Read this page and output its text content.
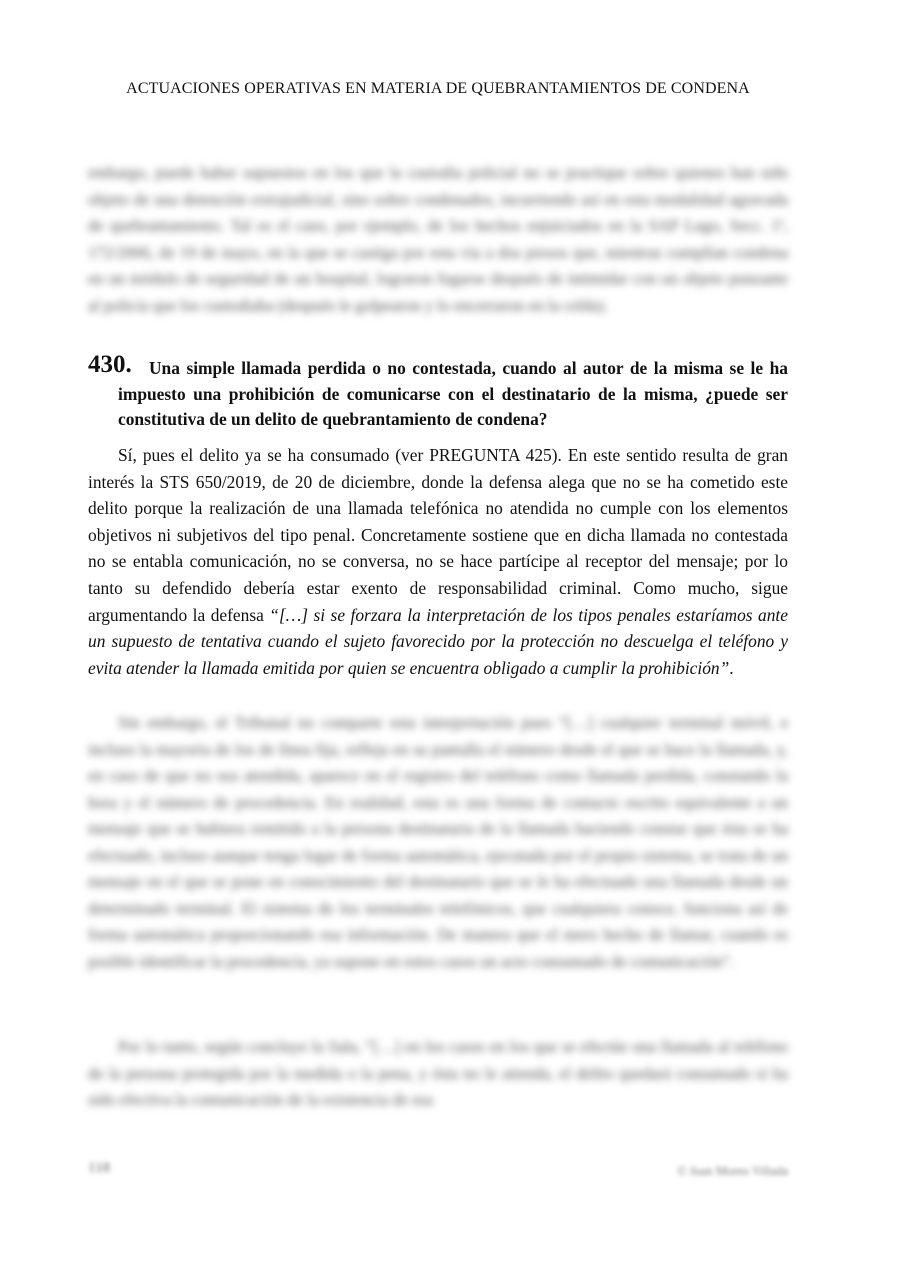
ACTUACIONES OPERATIVAS EN MATERIA DE QUEBRANTAMIENTOS DE CONDENA

embargo, puede haber supuestos en los que la custodia policial no se practique sobre quienes han sido objeto de una detención extrajudicial, sino sobre condenados, incurriendo así en esta modalidad agravada de quebrantamiento. Tal es el caso, por ejemplo, de los hechos enjuiciados en la SAP Lugo, Secc. 1ª, 172/2006, de 19 de mayo, en la que se castiga por esta vía a dos presos que, mientras cumplían condena en un módulo de seguridad de un hospital, lograron fugarse después de intimidar con un objeto punzante al policía que los custodiaba (después le golpearon y lo encerraron en la celda).

430. Una simple llamada perdida o no contestada, cuando al autor de la misma se le ha impuesto una prohibición de comunicarse con el destinatario de la misma, ¿puede ser constitutiva de un delito de quebrantamiento de condena?

Sí, pues el delito ya se ha consumado (ver PREGUNTA 425). En este sentido resulta de gran interés la STS 650/2019, de 20 de diciembre, donde la defensa alega que no se ha cometido este delito porque la realización de una llamada telefónica no atendida no cumple con los elementos objetivos ni subjetivos del tipo penal. Concretamente sostiene que en dicha llamada no contestada no se entabla comunicación, no se conversa, no se hace partícipe al receptor del mensaje; por lo tanto su defendido debería estar exento de responsabilidad criminal. Como mucho, sigue argumentando la defensa “[…] si se forzara la interpretación de los tipos penales estaríamos ante un supuesto de tentativa cuando el sujeto favorecido por la protección no descuelga el teléfono y evita atender la llamada emitida por quien se encuentra obligado a cumplir la prohibición”.

Sin embargo, el Tribunal no comparte esta interpretación pues “[…] cualquier terminal móvil, e incluso la mayoría de los de línea fija, refleja en su pantalla el número desde el que se hace la llamada, y, en caso de que no sea atendida, aparece en el registro del teléfono como llamada perdida, constando la hora y el número de procedencia. En realidad, esta es una forma de contacto escrito equivalente a un mensaje que se hubiera remitido a la persona destinataria de la llamada haciendo constar que ésta se ha efectuado, incluso aunque tenga lugar de forma automática, ejecutada por el propio sistema, se trata de un mensaje en el que se pone en conocimiento del destinatario que se le ha efectuado una llamada desde un determinado terminal. El sistema de los terminales telefónicos, que cualquiera conoce, funciona así de forma automática proporcionando esa información. De manera que el mero hecho de llamar, cuando es posible identificar la procedencia, ya supone en estos casos un acto consumado de comunicación”.

Por lo tanto, según concluye la Sala, “[…] en los casos en los que se efectúe una llamada al teléfono de la persona protegida por la medida o la pena, y ésta no le atienda, el delito quedará consumado si ha sido efectiva la comunicación de la existencia de esa

118	© Juan Moreo Villada
